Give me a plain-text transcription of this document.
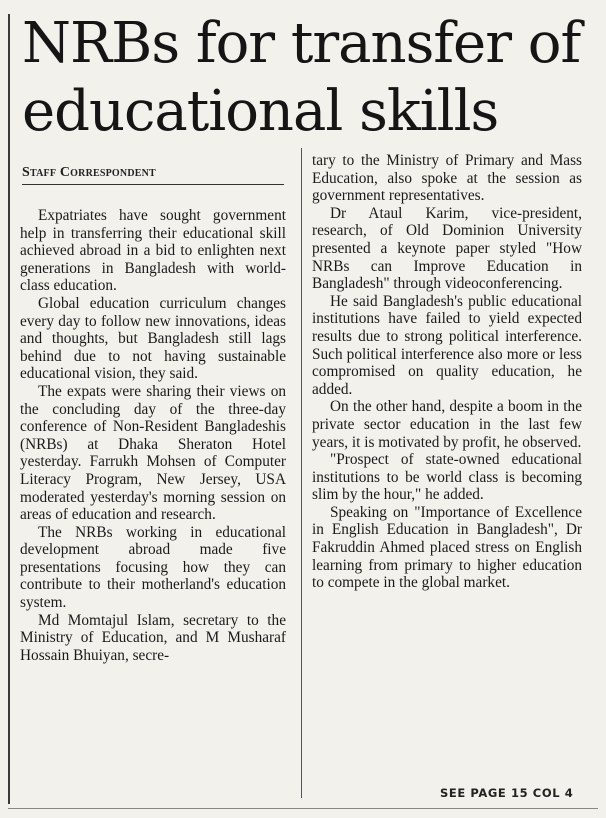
NRBs for transfer of educational skills
Staff Correspondent

Expatriates have sought government help in transferring their educational skill achieved abroad in a bid to enlighten next generations in Bangladesh with world-class education.

Global education curriculum changes every day to follow new innovations, ideas and thoughts, but Bangladesh still lags behind due to not having sustainable educational vision, they said.

The expats were sharing their views on the concluding day of the three-day conference of Non-Resident Bangladeshis (NRBs) at Dhaka Sheraton Hotel yesterday. Farrukh Mohsen of Computer Literacy Program, New Jersey, USA moderated yesterday's morning session on areas of education and research.

The NRBs working in educational development abroad made five presentations focusing how they can contribute to their motherland's education system.

Md Momtajul Islam, secretary to the Ministry of Education, and M Musharaf Hossain Bhuiyan, secre-

tary to the Ministry of Primary and Mass Education, also spoke at the session as government representatives.

Dr Ataul Karim, vice-president, research, of Old Dominion University presented a keynote paper styled "How NRBs can Improve Education in Bangladesh" through videoconferencing.

He said Bangladesh's public educational institutions have failed to yield expected results due to strong political interference. Such political interference also more or less compromised on quality education, he added.

On the other hand, despite a boom in the private sector education in the last few years, it is motivated by profit, he observed.

"Prospect of state-owned educational institutions to be world class is becoming slim by the hour," he added.

Speaking on "Importance of Excellence in English Education in Bangladesh", Dr Fakruddin Ahmed placed stress on English learning from primary to higher education to compete in the global market.

SEE PAGE 15 COL 4
